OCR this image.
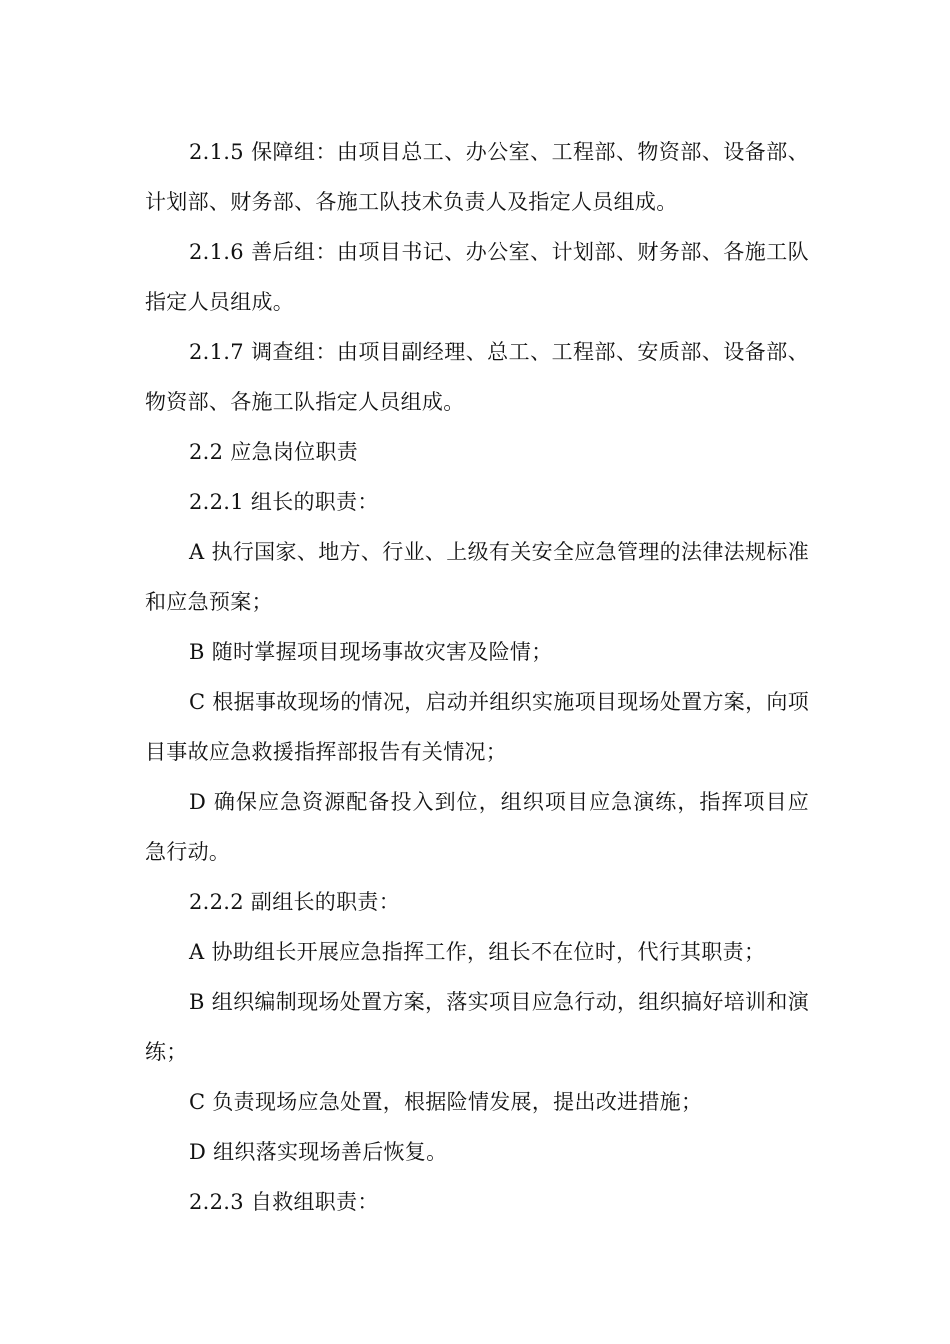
2.1.5 保障组：由项目总工、办公室、工程部、物资部、设备部、计划部、财务部、各施工队技术负责人及指定人员组成。

2.1.6 善后组：由项目书记、办公室、计划部、财务部、各施工队指定人员组成。

2.1.7 调查组：由项目副经理、总工、工程部、安质部、设备部、物资部、各施工队指定人员组成。

2.2 应急岗位职责

2.2.1 组长的职责：

A 执行国家、地方、行业、上级有关安全应急管理的法律法规标准和应急预案；

B 随时掌握项目现场事故灾害及险情；

C 根据事故现场的情况，启动并组织实施项目现场处置方案，向项目事故应急救援指挥部报告有关情况；

D 确保应急资源配备投入到位，组织项目应急演练，指挥项目应急行动。

2.2.2 副组长的职责：

A 协助组长开展应急指挥工作，组长不在位时，代行其职责；

B 组织编制现场处置方案，落实项目应急行动，组织搞好培训和演练；

C 负责现场应急处置，根据险情发展，提出改进措施；

D 组织落实现场善后恢复。

2.2.3 自救组职责：
